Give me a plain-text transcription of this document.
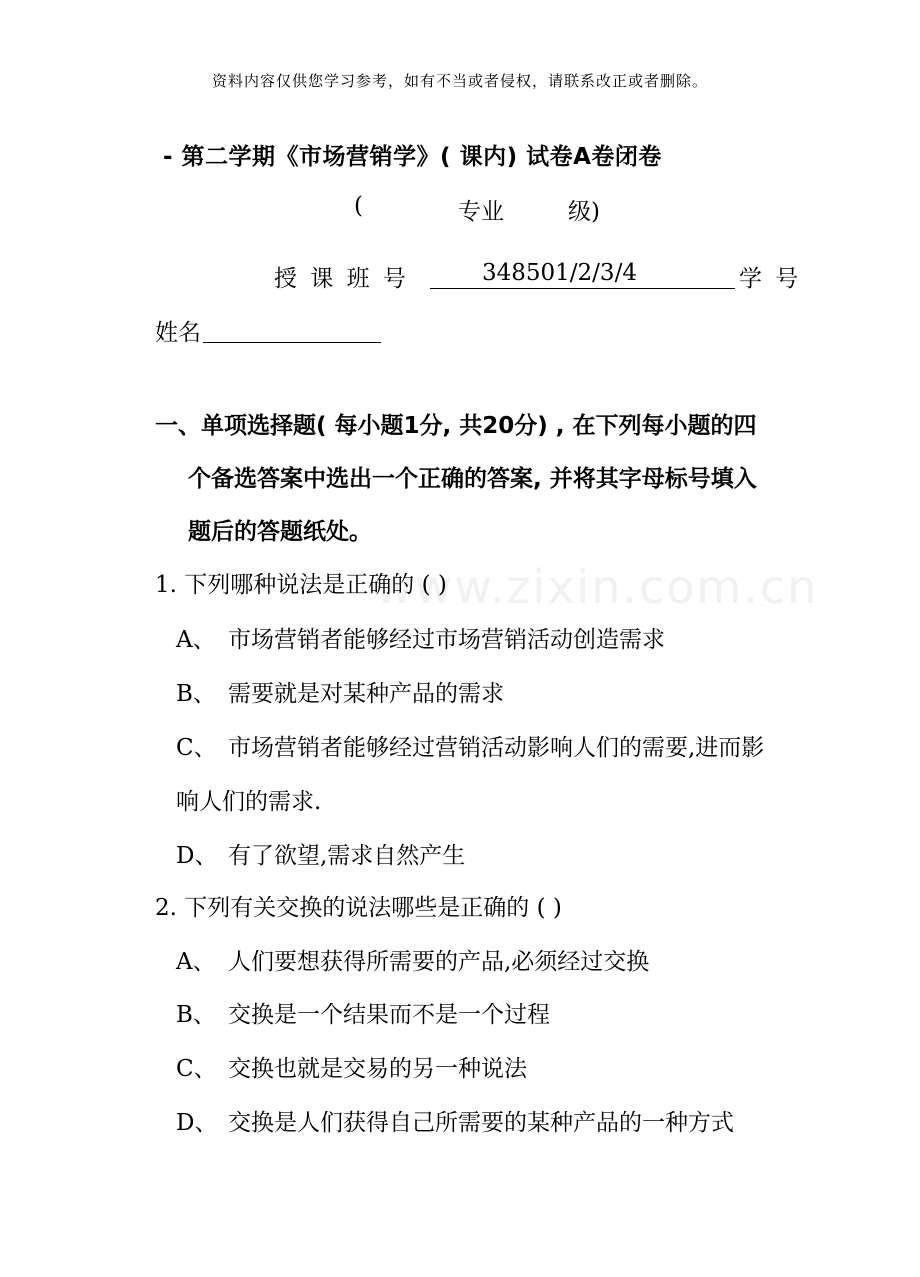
www.zixin.com.cn
资料内容仅供您学习参考，如有不当或者侵权，请联系改正或者删除。
- 第二学期《市场营销学》( 课内) 试卷A卷闭卷
(	专业	级)
授 课 班 号	348501/2/3/4	学 号
姓名
一、单项选择题( 每小题1分, 共20分) , 在下列每小题的四
个备选答案中选出一个正确的答案, 并将其字母标号填入
题后的答题纸处。
1. 下列哪种说法是正确的 ( )
A、 市场营销者能够经过市场营销活动创造需求
B、 需要就是对某种产品的需求
C、 市场营销者能够经过营销活动影响人们的需要,进而影
响人们的需求.
D、 有了欲望,需求自然产生
2. 下列有关交换的说法哪些是正确的 ( )
A、 人们要想获得所需要的产品,必须经过交换
B、 交换是一个结果而不是一个过程
C、 交换也就是交易的另一种说法
D、 交换是人们获得自己所需要的某种产品的一种方式
